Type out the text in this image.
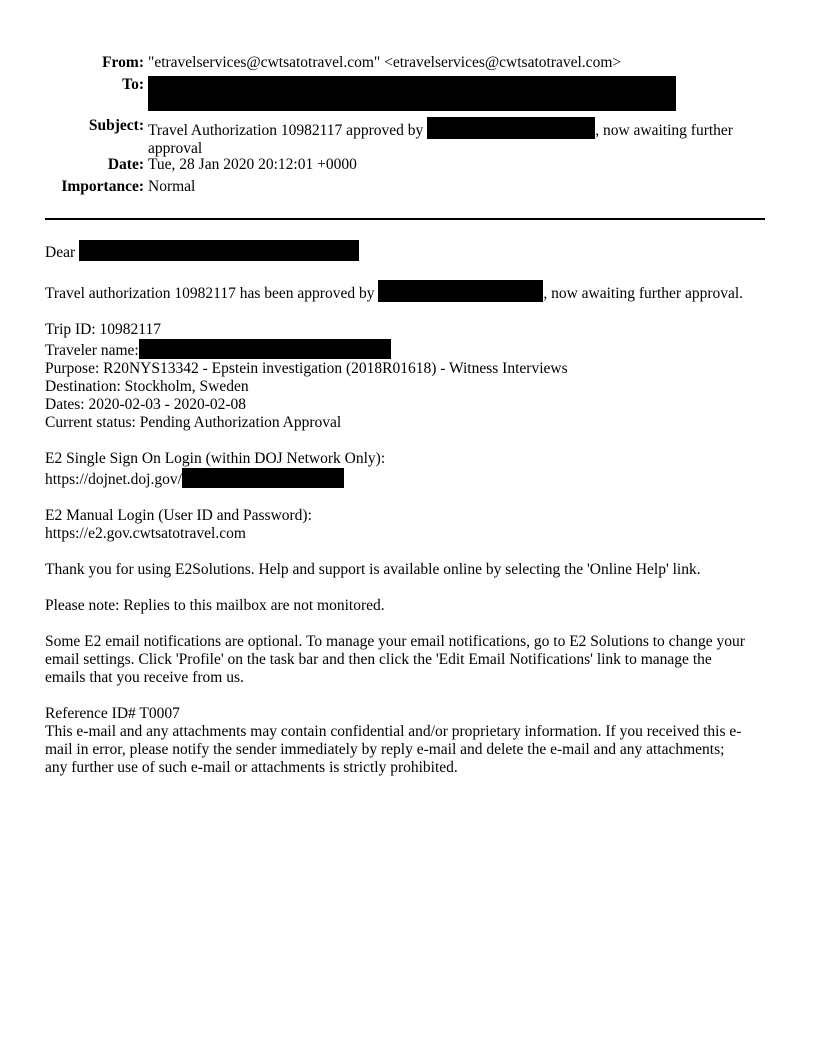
From: "etravelservices@cwtsatotravel.com" <etravelservices@cwtsatotravel.com>
To:
Subject: Travel Authorization 10982117 approved by	, now awaiting further
approval
Date: Tue, 28 Jan 2020 20:12:01 +0000
Importance: Normal

Dear

Travel authorization 10982117 has been approved by	, now awaiting further approval.

Trip ID: 10982117
Traveler name:
Purpose: R20NYS13342 - Epstein investigation (2018R01618) - Witness Interviews
Destination: Stockholm, Sweden
Dates: 2020-02-03 - 2020-02-08
Current status: Pending Authorization Approval

E2 Single Sign On Login (within DOJ Network Only):
https://dojnet.doj.gov/

E2 Manual Login (User ID and Password):
https://e2.gov.cwtsatotravel.com

Thank you for using E2Solutions. Help and support is available online by selecting the 'Online Help' link.

Please note: Replies to this mailbox are not monitored.

Some E2 email notifications are optional. To manage your email notifications, go to E2 Solutions to change your
email settings. Click 'Profile' on the task bar and then click the 'Edit Email Notifications' link to manage the
emails that you receive from us.

Reference ID# T0007
This e-mail and any attachments may contain confidential and/or proprietary information. If you received this e-
mail in error, please notify the sender immediately by reply e-mail and delete the e-mail and any attachments;
any further use of such e-mail or attachments is strictly prohibited.
